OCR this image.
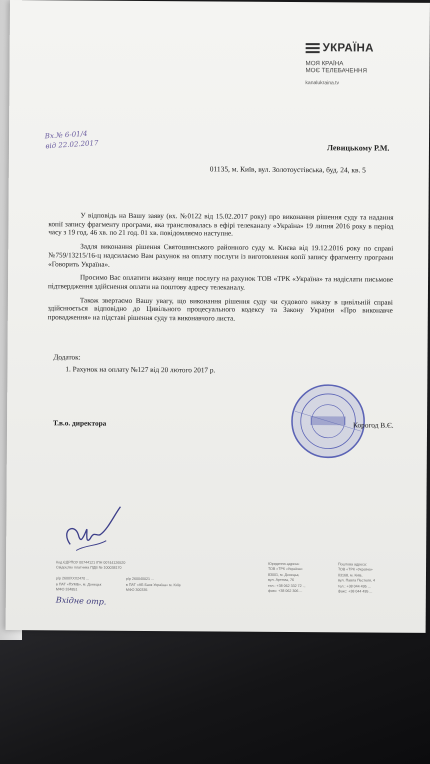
УКРАЇНА
МОЯ КРАЇНА
МОЄ ТЕЛЕБАЧЕННЯ
kanalukraina.tv
Вх.№ 6-01/4
від 22.02.2017	Левицькому Р.М.
01135, м. Київ, вул. Золотоустівська, буд. 24, кв. 5

У відповідь на Вашу заяву (вх. №0122 від 15.02.2017 року) про виконання рішення суду та надання копії запису фрагменту програми, яка транслювалась в ефірі телеканалу «Україна» 19 липня 2016 року в період часу з 19 год. 46 хв. по 21 год. 01 хв. повідомляємо наступне.

Задля виконання рішення Святошинського районного суду м. Києва від 19.12.2016 року по справі №759/13215/16-ц надсилаємо Вам рахунок на оплату послуги із виготовлення копії запису фрагменту програми «Говорить Україна».

Просимо Вас оплатити вказану вище послугу на рахунок ТОВ «ТРК «Україна» та надіслати письмове підтвердження здійснення оплати на поштову адресу телеканалу.

Також звертаємо Вашу увагу, що виконання рішення суду чи судового наказу в цивільній справі здійснюється відповідно до Цивільного процесуального кодексу та Закону України «Про виконавче провадження» на підставі рішення суду та виконавчого листа.

Додаток:
1. Рахунок на оплату №127 від 20 лютого 2017 р.
Т.в.о. директора	Корогод В.Є.
Код ЄДРПОУ 00744121 ІПН 00744126520
Свідоцтво платника ПДВ № 100038170

р/р 2600ХХХ2470 ...
в ПАТ «ПУМБ», м. Донецьк
МФО 334851

р/р 260040021 ...
в ПАТ «АБ Банк Україна» м. Київ
МФО 300335
Юридична адреса:
ТОВ «ТРК «Україна»
83001, м. Донецьк,
вул. Артема, 76
тел.: +38 062 332 72 ...
факс: +38 062 306 ...
Поштова адреса:
ТОВ «ТРК «Україна»
03168, м. Київ,
вул. Павла Пестеля, 4
тел.: +38 044 495 ...
факс: +38 044 495 ...
Вхідне отр.
